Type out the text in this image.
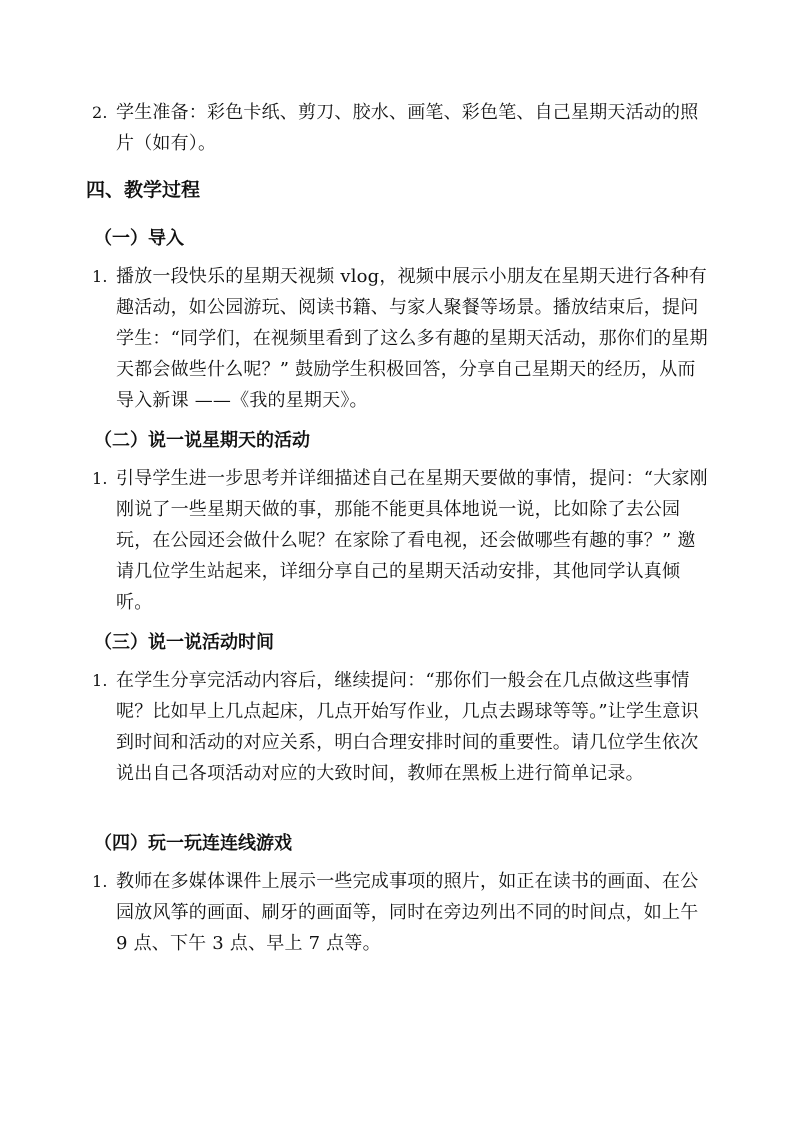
2. 学生准备：彩色卡纸、剪刀、胶水、画笔、彩色笔、自己星期天活动的照片（如有）。
四、教学过程
（一）导入
1. 播放一段快乐的星期天视频 vlog，视频中展示小朋友在星期天进行各种有趣活动，如公园游玩、阅读书籍、与家人聚餐等场景。播放结束后，提问学生：“同学们，在视频里看到了这么多有趣的星期天活动，那你们的星期天都会做些什么呢？” 鼓励学生积极回答，分享自己星期天的经历，从而导入新课 ——《我的星期天》。
（二）说一说星期天的活动
1. 引导学生进一步思考并详细描述自己在星期天要做的事情，提问：“大家刚刚说了一些星期天做的事，那能不能更具体地说一说，比如除了去公园玩，在公园还会做什么呢？在家除了看电视，还会做哪些有趣的事？” 邀请几位学生站起来，详细分享自己的星期天活动安排，其他同学认真倾听。
（三）说一说活动时间
1. 在学生分享完活动内容后，继续提问：“那你们一般会在几点做这些事情呢？比如早上几点起床，几点开始写作业，几点去踢球等等。”让学生意识到时间和活动的对应关系，明白合理安排时间的重要性。请几位学生依次说出自己各项活动对应的大致时间，教师在黑板上进行简单记录。
（四）玩一玩连连线游戏
1. 教师在多媒体课件上展示一些完成事项的照片，如正在读书的画面、在公园放风筝的画面、刷牙的画面等，同时在旁边列出不同的时间点，如上午 9 点、下午 3 点、早上 7 点等。
